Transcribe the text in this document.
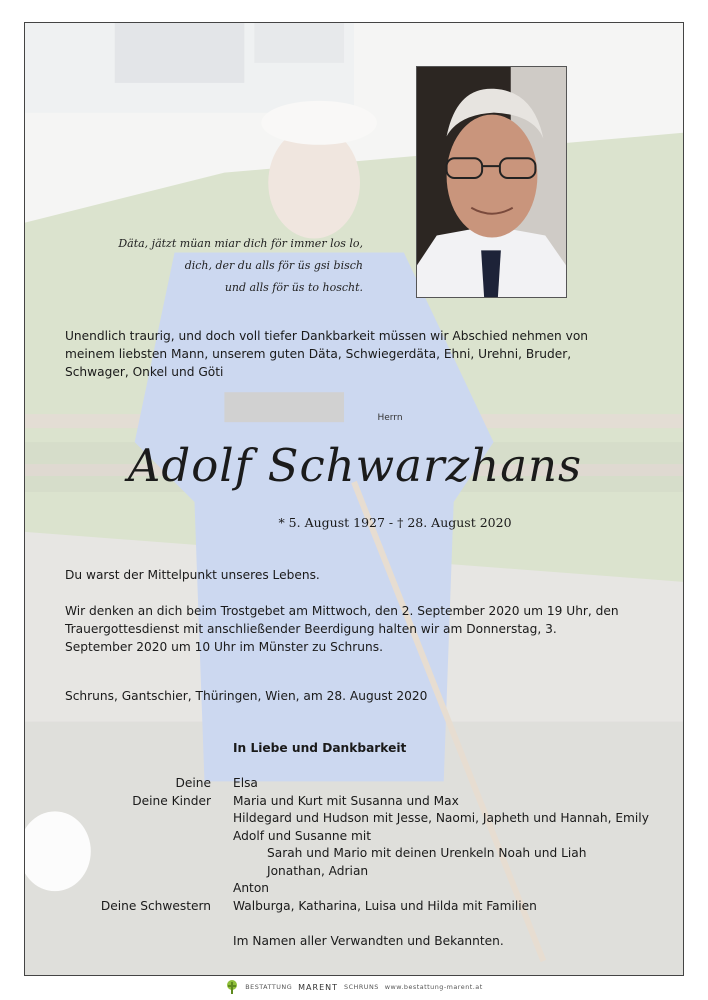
Däta, jätzt müan miar dich för immer los lo,
dich, der du alls för üs gsi bisch
und alls för üs to hoscht.
Unendlich traurig, und doch voll tiefer Dankbarkeit müssen wir Abschied nehmen von meinem liebsten Mann, unserem guten Däta, Schwiegerdäta, Ehni, Urehni, Bruder, Schwager, Onkel und Göti
Herrn
Adolf Schwarzhans
* 5. August 1927 - † 28. August 2020
Du warst der Mittelpunkt unseres Lebens.
Wir denken an dich beim Trostgebet am Mittwoch, den 2. September 2020 um 19 Uhr, den Trauergottesdienst mit anschließender Beerdigung halten wir am Donnerstag, 3. September 2020 um 10 Uhr im Münster zu Schruns.
Schruns, Gantschier, Thüringen, Wien, am 28. August 2020
In Liebe und Dankbarkeit
Deine	Elsa
Deine Kinder	Maria und Kurt mit Susanna und Max
Hildegard und Hudson mit Jesse, Naomi, Japheth und Hannah, Emily
Adolf und Susanne mit
Sarah und Mario mit deinen Urenkeln Noah und Liah
Jonathan, Adrian
Anton
Deine Schwestern	Walburga, Katharina, Luisa und Hilda mit Familien
Im Namen aller Verwandten und Bekannten.
BESTATTUNG MARENT SCHRUNS www.bestattung-marent.at
